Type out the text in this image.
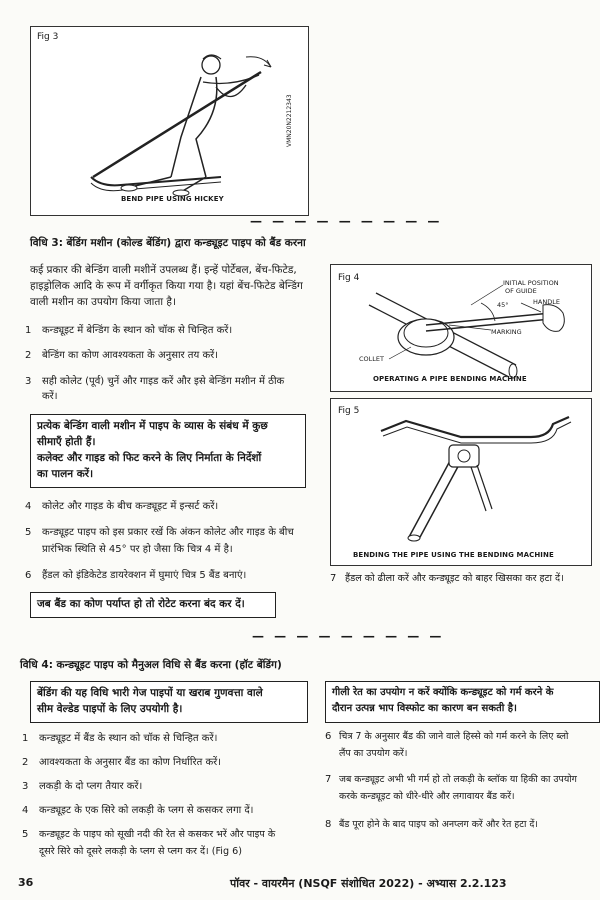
Fig 3
BEND PIPE USING HICKEY
VMN20N2212343
— — — — — — — — —
विधि 3: बेंडिंग मशीन (कोल्ड बेंडिंग) द्वारा कन्ड्यूइट पाइप को बैंड करना
कई प्रकार की बेन्डिंग वाली मशीनें उपलब्ध हैं। इन्हें पोर्टेबल, बेंच-फिटेड,
हाइड्रोलिक आदि के रूप में वर्गीकृत किया गया है। यहां बेंच-फिटेड बेन्डिंग
वाली मशीन का उपयोग किया जाता है।
1 कन्ड्यूइट में बेन्डिंग के स्थान को चॉक से चिन्हित करें।
2 बेन्डिंग का कोण आवश्यकता के अनुसार तय करें।
3 सही कोलेट (पूर्व) चुनें और गाइड करें और इसे बेन्डिंग मशीन में ठीक
करें।
प्रत्येक बेन्डिंग वाली मशीन में पाइप के व्यास के संबंध में कुछ
सीमाएँ होती हैं।
कलेक्ट और गाइड को फिट करने के लिए निर्माता के निर्देशों
का पालन करें।
4 कोलेट और गाइड के बीच कन्ड्यूइट में इन्सर्ट करें।
5 कन्ड्यूइट पाइप को इस प्रकार रखें कि अंकन कोलेट और गाइड के बीच
प्रारंभिक स्थिति से 45° पर हो जैसा कि चित्र 4 में है।
6 हैंडल को इंडिकेटेड डायरेक्शन में घुमाएं चित्र 5 बैंड बनाएं।
जब बैंड का कोण पर्याप्त हो तो रोटेट करना बंद कर दें।
Fig 4	INITIAL POSITION
OF GUIDE
45°	HANDLE
MARKING
COLLET
OPERATING A PIPE BENDING MACHINE
Fig 5
BENDING THE PIPE USING THE BENDING MACHINE
7 हैंडल को ढीला करें और कन्ड्यूइट को बाहर खिसका कर हटा दें।
— — — — — — — — —
विधि 4: कन्ड्यूइट पाइप को मैनुअल विधि से बैंड करना (हॉट बेंडिंग)
बेंडिंग की यह विधि भारी गेज पाइपों या खराब गुणवत्ता वाले
सीम वेल्डेड पाइपों के लिए उपयोगी है।
गीली रेत का उपयोग न करें क्योंकि कन्ड्यूइट को गर्म करने के
दौरान उत्पन्न भाप विस्फोट का कारण बन सकती है।
1 कन्ड्यूइट में बैंड के स्थान को चॉक से चिन्हित करें।
2 आवश्यकता के अनुसार बैंड का कोण निर्धारित करें।
3 लकड़ी के दो प्लग तैयार करें।
4 कन्ड्यूइट के एक सिरे को लकड़ी के प्लग से कसकर लगा दें।
5 कन्ड्यूइट के पाइप को सूखी नदी की रेत से कसकर भरें और पाइप के
दूसरे सिरे को दूसरे लकड़ी के प्लग से प्लग कर दें। (Fig 6)
6 चित्र 7 के अनुसार बैंड की जाने वाले हिस्से को गर्म करने के लिए ब्लो
लैंप का उपयोग करें।
7 जब कन्ड्यूइट अभी भी गर्म हो तो लकड़ी के ब्लॉक या हिकी का उपयोग
करके कन्ड्यूइट को धीरे-धीरे और लगावायर बैंड करें।
8 बैंड पूरा होने के बाद पाइप को अनप्लग करें और रेत हटा दें।
36	पॉवर - वायरमैन (NSQF संशोधित 2022) - अभ्यास 2.2.123
